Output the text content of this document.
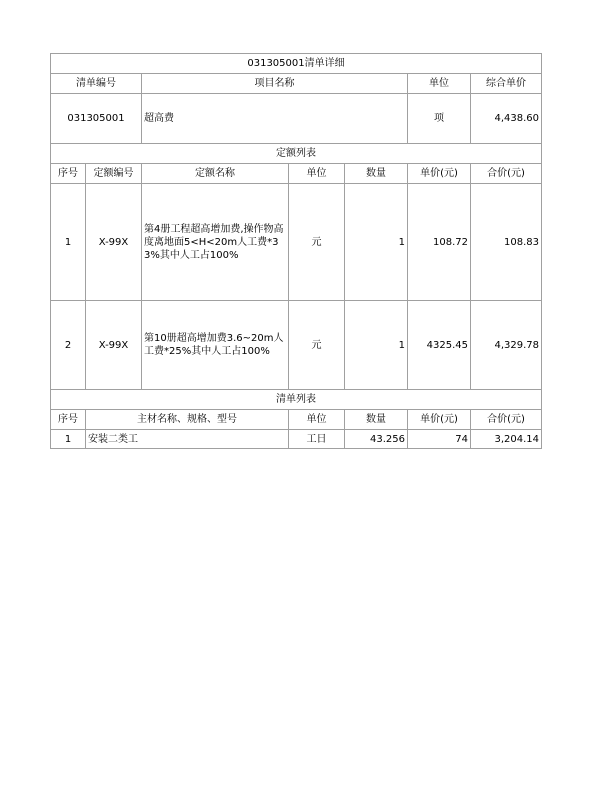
031305001清单详细						
清单编号		项目名称			单位	综合单价
031305001		超高费			项	4,438.60
定额列表						
序号	定额编号	定额名称	单位	数量	单价(元)	合价(元)
1	X-99X	第4册工程超高增加费,操作物高度离地面5<H<20m人工费*33%其中人工占100%	元	1	108.72	108.83
2	X-99X	第10册超高增加费3.6~20m人工费*25%其中人工占100%	元	1	4325.45	4,329.78
清单列表						
序号	主材名称、规格、型号		单位	数量	单价(元)	合价(元)
1	安装二类工		工日	43.256	74	3,204.14
